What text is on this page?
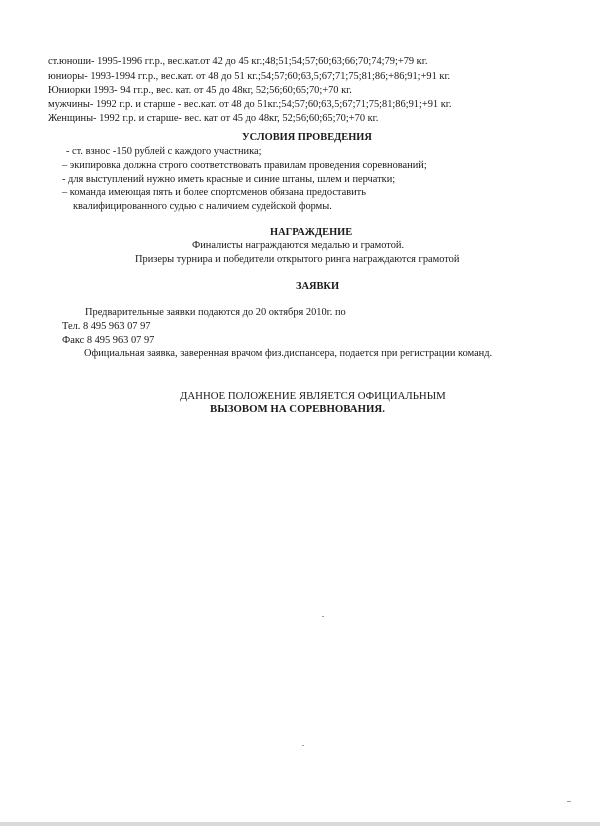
ст.юноши- 1995-1996 гг.р., вес.кат.от 42 до 45 кг.;48;51;54;57;60;63;66;70;74;79;+79 кг.
юниоры- 1993-1994 гг.р., вес.кат. от 48 до 51 кг.;54;57;60;63,5;67;71;75;81;86;+86;91;+91 кг.
Юниорки 1993- 94 гг.р., вес. кат. от 45 до 48кг, 52;56;60;65;70;+70 кг.
мужчины- 1992 г.р. и старше - вес.кат. от 48 до 51кг.;54;57;60;63,5;67;71;75;81;86;91;+91 кг.
Женщины- 1992 г.р. и старше- вес. кат от 45 до 48кг, 52;56;60;65;70;+70 кг.
УСЛОВИЯ ПРОВЕДЕНИЯ
- ст. взнос -150 рублей с каждого участника;
– экипировка должна строго соответствовать правилам проведения соревнований;
- для выступлений нужно иметь красные и синие штаны, шлем и перчатки;
– команда имеющая пять и более спортсменов обязана предоставить
квалифицированного судью с наличием судейской формы.
НАГРАЖДЕНИЕ
Финалисты награждаются медалью и грамотой.
Призеры турнира и победители открытого ринга награждаются грамотой
ЗАЯВКИ
Предварительные заявки подаются до 20 октября 2010г. по
Тел. 8 495 963 07 97
Факс 8 495 963 07 97
Официальная заявка, заверенная врачом физ.диспансера, подается при регистрации команд.
ДАННОЕ ПОЛОЖЕНИЕ ЯВЛЯЕТСЯ ОФИЦИАЛЬНЫМ
ВЫЗОВОМ НА СОРЕВНОВАНИЯ.
